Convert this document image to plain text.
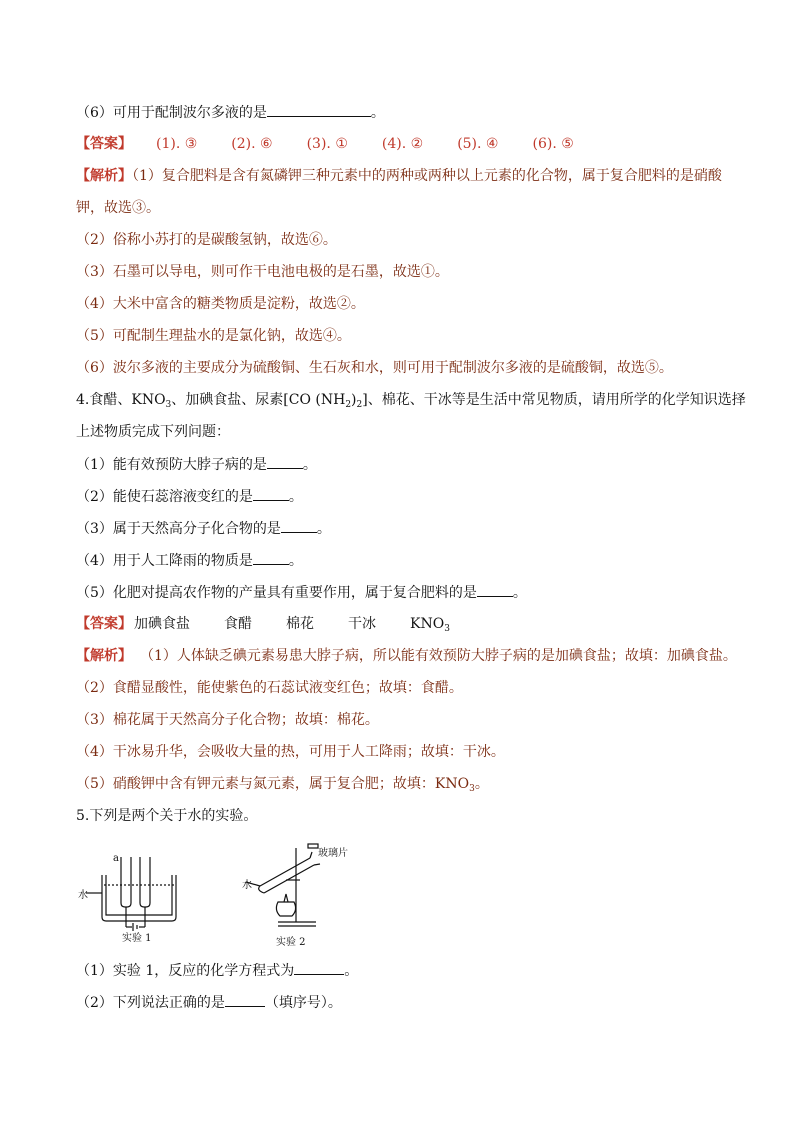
（6）可用于配制波尔多液的是	。
【答案】 (1). ③ (2). ⑥ (3). ① (4). ② (5). ④ (6). ⑤
【解析】（1）复合肥料是含有氮磷钾三种元素中的两种或两种以上元素的化合物，属于复合肥料的是硝酸
钾，故选③。
（2）俗称小苏打的是碳酸氢钠，故选⑥。
（3）石墨可以导电，则可作干电池电极的是石墨，故选①。
（4）大米中富含的糖类物质是淀粉，故选②。
（5）可配制生理盐水的是氯化钠，故选④。
（6）波尔多液的主要成分为硫酸铜、生石灰和水，则可用于配制波尔多液的是硫酸铜，故选⑤。
4.食醋、$KNO_3$、加碘食盐、尿素[CO $(NH_2)_2$]、棉花、干冰等是生活中常见物质，请用所学的化学知识选择
上述物质完成下列问题：
（1）能有效预防大脖子病的是	。
（2）能使石蕊溶液变红的是	。
（3）属于天然高分子化合物的是	。
（4）用于人工降雨的物质是	。
（5）化肥对提高农作物的产量具有重要作用，属于复合肥料的是	。
【答案】 加碘食盐 食醋 棉花 干冰 $KNO_3$
【解析】 （1）人体缺乏碘元素易患大脖子病，所以能有效预防大脖子病的是加碘食盐；故填：加碘食盐。
（2）食醋显酸性，能使紫色的石蕊试液变红色；故填：食醋。
（3）棉花属于天然高分子化合物；故填：棉花。
（4）干冰易升华，会吸收大量的热，可用于人工降雨；故填：干冰。
（5）硝酸钾中含有钾元素与氮元素，属于复合肥；故填：$KNO_3$。
5.下列是两个关于水的实验。
水
a
实验 1
水
玻璃片
实验 2
（1）实验 1，反应的化学方程式为	。
（2）下列说法正确的是	（填序号）。
